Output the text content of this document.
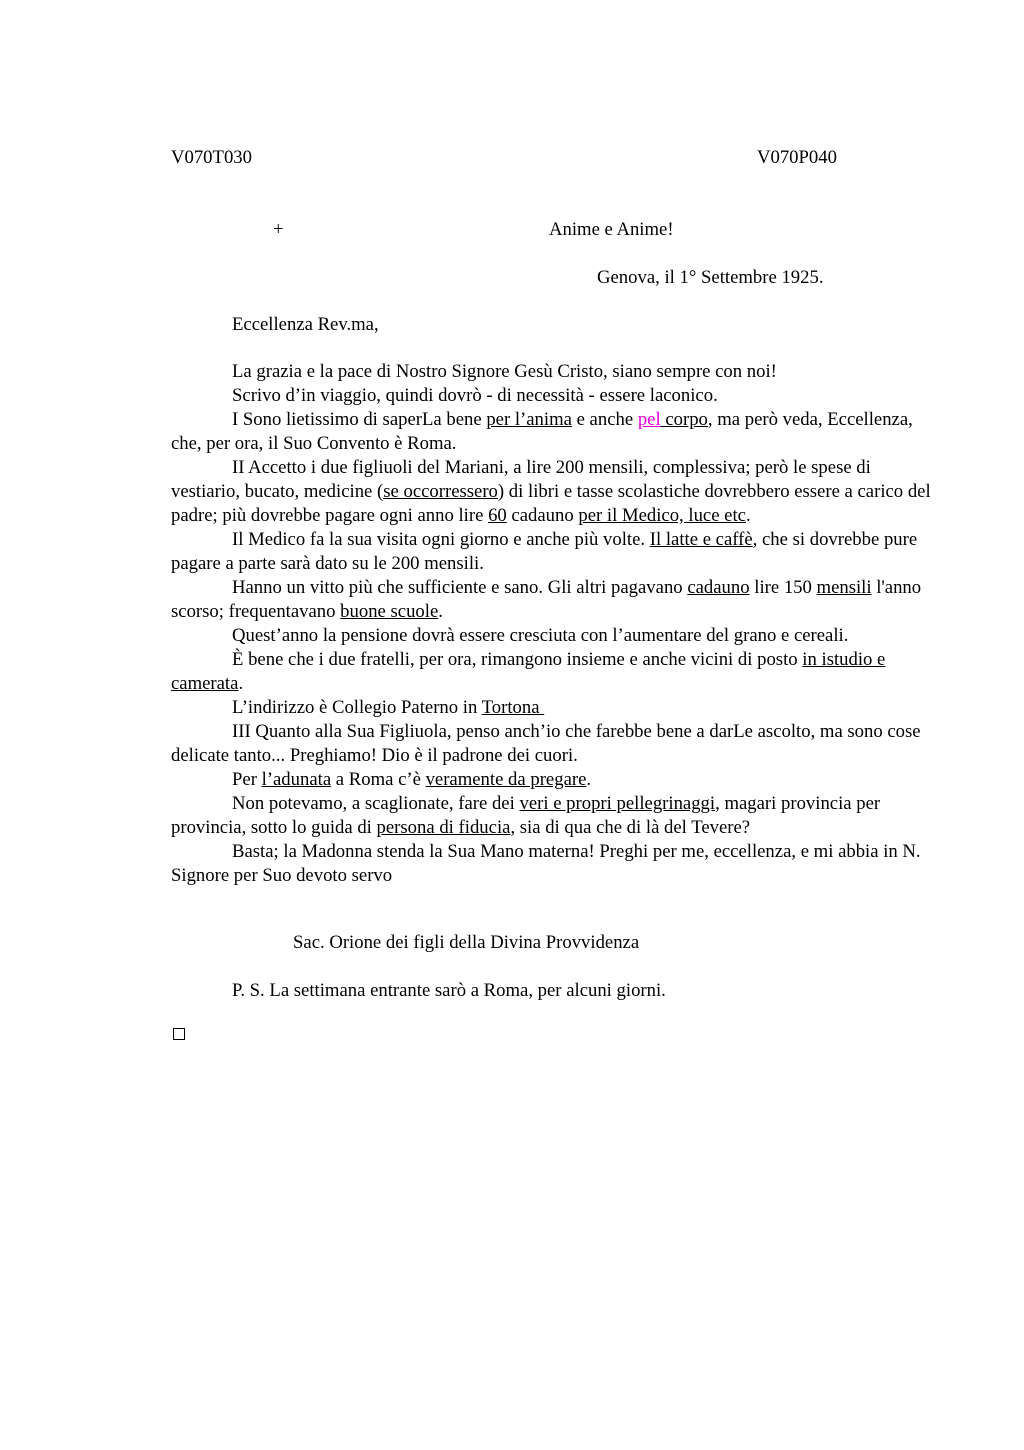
V070T030	V070P040
+	Anime e Anime!
Genova, il 1° Settembre 1925.
Eccellenza Rev.ma,

La grazia e la pace di Nostro Signore Gesù Cristo, siano sempre con noi!

Scrivo d’in viaggio, quindi dovrò - di necessità - essere laconico.

I Sono lietissimo di saperLa bene per l’anima e anche pel corpo, ma però veda, Eccellenza, che, per ora, il Suo Convento è Roma.

II Accetto i due figliuoli del Mariani, a lire 200 mensili, complessiva; però le spese di vestiario, bucato, medicine (se occorressero) di libri e tasse scolastiche dovrebbero essere a carico del padre; più dovrebbe pagare ogni anno lire 60 cadauno per il Medico, luce etc.

Il Medico fa la sua visita ogni giorno e anche più volte. Il latte e caffè, che si dovrebbe pure pagare a parte sarà dato su le 200 mensili.

Hanno un vitto più che sufficiente e sano. Gli altri pagavano cadauno lire 150 mensili l'anno scorso; frequentavano buone scuole.

Quest’anno la pensione dovrà essere cresciuta con l’aumentare del grano e cereali.

È bene che i due fratelli, per ora, rimangono insieme e anche vicini di posto in istudio e camerata.

L’indirizzo è Collegio Paterno in Tortona

III Quanto alla Sua Figliuola, penso anch’io che farebbe bene a darLe ascolto, ma sono cose delicate tanto... Preghiamo! Dio è il padrone dei cuori.

Per l’adunata a Roma c’è veramente da pregare.

Non potevamo, a scaglionate, fare dei veri e propri pellegrinaggi, magari provincia per provincia, sotto lo guida di persona di fiducia, sia di qua che di là del Tevere?

Basta; la Madonna stenda la Sua Mano materna! Preghi per me, eccellenza, e mi abbia in N. Signore per Suo devoto servo

Sac. Orione dei figli della Divina Provvidenza
P. S. La settimana entrante sarò a Roma, per alcuni giorni.
